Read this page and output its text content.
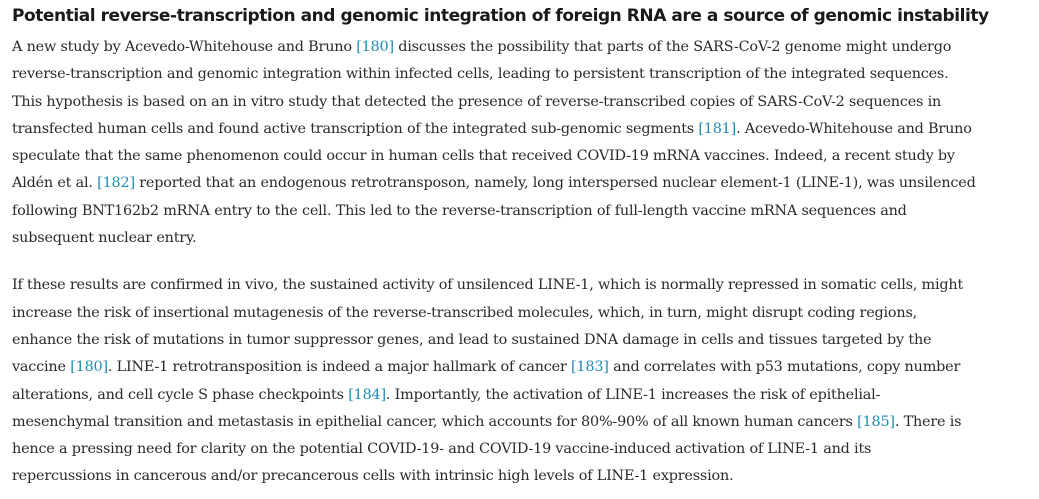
Potential reverse-transcription and genomic integration of foreign RNA are a source of genomic instability

A new study by Acevedo-Whitehouse and Bruno [180] discusses the possibility that parts of the SARS-CoV-2 genome might undergo
reverse-transcription and genomic integration within infected cells, leading to persistent transcription of the integrated sequences.
This hypothesis is based on an in vitro study that detected the presence of reverse-transcribed copies of SARS-CoV-2 sequences in
transfected human cells and found active transcription of the integrated sub-genomic segments [181]. Acevedo-Whitehouse and Bruno
speculate that the same phenomenon could occur in human cells that received COVID-19 mRNA vaccines. Indeed, a recent study by
Aldén et al. [182] reported that an endogenous retrotransposon, namely, long interspersed nuclear element-1 (LINE-1), was unsilenced
following BNT162b2 mRNA entry to the cell. This led to the reverse-transcription of full-length vaccine mRNA sequences and
subsequent nuclear entry.

If these results are confirmed in vivo, the sustained activity of unsilenced LINE-1, which is normally repressed in somatic cells, might
increase the risk of insertional mutagenesis of the reverse-transcribed molecules, which, in turn, might disrupt coding regions,
enhance the risk of mutations in tumor suppressor genes, and lead to sustained DNA damage in cells and tissues targeted by the
vaccine [180]. LINE-1 retrotransposition is indeed a major hallmark of cancer [183] and correlates with p53 mutations, copy number
alterations, and cell cycle S phase checkpoints [184]. Importantly, the activation of LINE-1 increases the risk of epithelial-
mesenchymal transition and metastasis in epithelial cancer, which accounts for 80%-90% of all known human cancers [185]. There is
hence a pressing need for clarity on the potential COVID-19- and COVID-19 vaccine-induced activation of LINE-1 and its
repercussions in cancerous and/or precancerous cells with intrinsic high levels of LINE-1 expression.
